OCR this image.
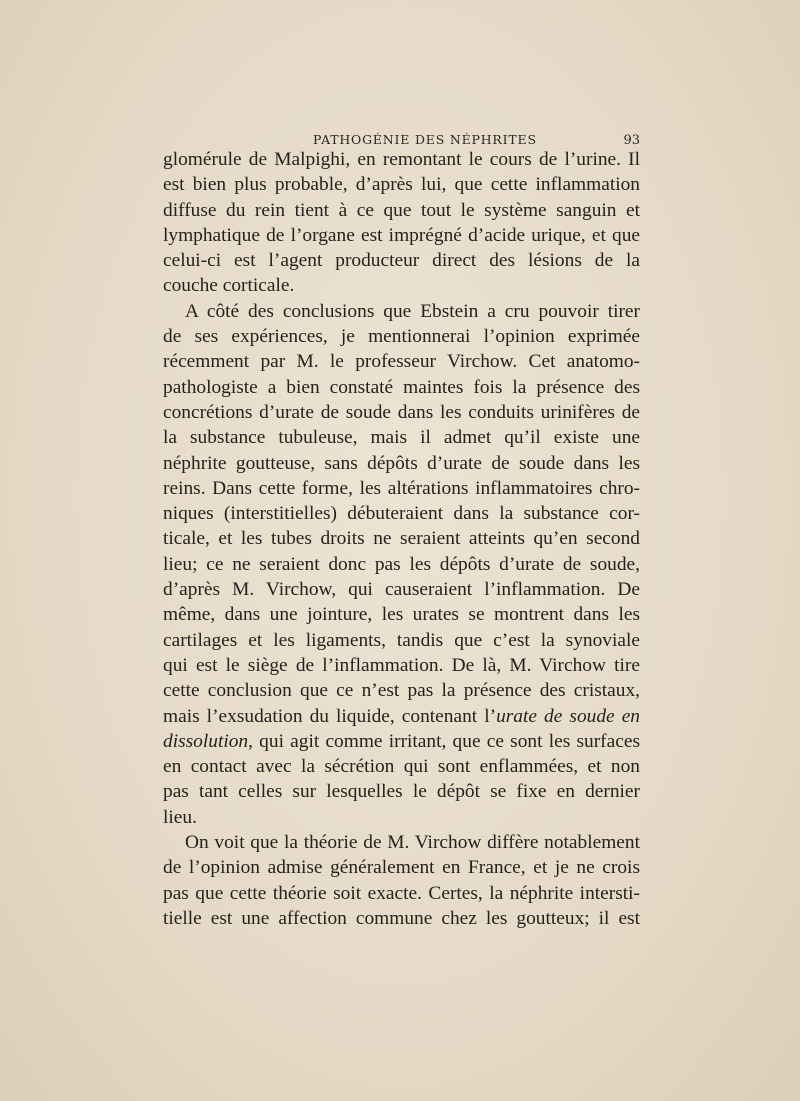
PATHOGÉNIE DES NÉPHRITES	93
glomérule de Malpighi, en remontant le cours de l’urine. Il
est bien plus probable, d’après lui, que cette inflammation
diffuse du rein tient à ce que tout le système sanguin et
lymphatique de l’organe est imprégné d’acide urique, et que
celui-ci est l’agent producteur direct des lésions de la
couche corticale.
A côté des conclusions que Ebstein a cru pouvoir tirer
de ses expériences, je mentionnerai l’opinion exprimée
récemment par M. le professeur Virchow. Cet anatomo-
pathologiste a bien constaté maintes fois la présence des
concrétions d’urate de soude dans les conduits urinifères de
la substance tubuleuse, mais il admet qu’il existe une
néphrite goutteuse, sans dépôts d’urate de soude dans les
reins. Dans cette forme, les altérations inflammatoires chro-
niques (interstitielles) débuteraient dans la substance cor-
ticale, et les tubes droits ne seraient atteints qu’en second
lieu; ce ne seraient donc pas les dépôts d’urate de soude,
d’après M. Virchow, qui causeraient l’inflammation. De
même, dans une jointure, les urates se montrent dans les
cartilages et les ligaments, tandis que c’est la synoviale
qui est le siège de l’inflammation. De là, M. Virchow tire
cette conclusion que ce n’est pas la présence des cristaux,
mais l’exsudation du liquide, contenant l’urate de soude en
dissolution, qui agit comme irritant, que ce sont les surfaces
en contact avec la sécrétion qui sont enflammées, et non
pas tant celles sur lesquelles le dépôt se fixe en dernier
lieu.
On voit que la théorie de M. Virchow diffère notablement
de l’opinion admise généralement en France, et je ne crois
pas que cette théorie soit exacte. Certes, la néphrite intersti-
tielle est une affection commune chez les goutteux; il est
